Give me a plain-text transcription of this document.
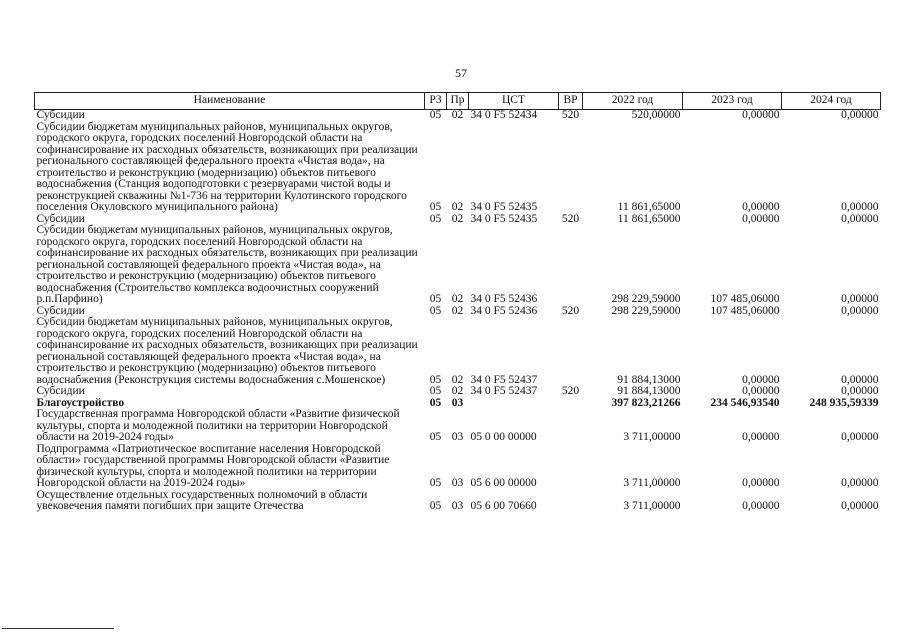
57
Наименование	РЗ	Пр	ЦСТ	ВР	2022 год	2023 год	2024 год
Субсидии	05	02	34 0 F5 52434	520	520,00000	0,00000	0,00000
Субсидии бюджетам муниципальных районов, муниципальных округов, городского округа, городских поселений Новгородской области на софинансирование их расходных обязательств, возникающих при реализации регионального составляющей федерального проекта «Чистая вода», на строительство и реконструкцию (модернизацию) объектов питьевого водоснабжения (Станция водоподготовки с резервуарами чистой воды и реконструкцией скважины №1-736 на территории Кулотинского городского поселения Окуловского муниципального района)	05	02	34 0 F5 52435		11 861,65000	0,00000	0,00000
Субсидии	05	02	34 0 F5 52435	520	11 861,65000	0,00000	0,00000
Субсидии бюджетам муниципальных районов, муниципальных округов, городского округа, городских поселений Новгородской области на софинансирование их расходных обязательств, возникающих при реализации региональной составляющей федерального проекта «Чистая вода», на строительство и реконструкцию (модернизацию) объектов питьевого водоснабжения (Строительство комплекса водоочистных сооружений р.п.Парфино)	05	02	34 0 F5 52436		298 229,59000	107 485,06000	0,00000
Субсидии	05	02	34 0 F5 52436	520	298 229,59000	107 485,06000	0,00000
Субсидии бюджетам муниципальных районов, муниципальных округов, городского округа, городских поселений Новгородской области на софинансирование их расходных обязательств, возникающих при реализации региональной составляющей федерального проекта «Чистая вода», на строительство и реконструкцию (модернизацию) объектов питьевого водоснабжения (Реконструкция системы водоснабжения с.Мошенское)	05	02	34 0 F5 52437		91 884,13000	0,00000	0,00000
Субсидии	05	02	34 0 F5 52437	520	91 884,13000	0,00000	0,00000
Благоустройство	05	03			397 823,21266	234 546,93540	248 935,59339
Государственная программа Новгородской области «Развитие физической культуры, спорта и молодежной политики на территории Новгородской области на 2019-2024 годы»	05	03	05 0 00 00000		3 711,00000	0,00000	0,00000
Подпрограмма «Патриотическое воспитание населения Новгородской области» государственной программы Новгородской области «Развитие физической культуры, спорта и молодежной политики на территории Новгородской области на 2019-2024 годы»	05	03	05 6 00 00000		3 711,00000	0,00000	0,00000
Осуществление отдельных государственных полномочий в области увековечения памяти погибших при защите Отечества	05	03	05 6 00 70660		3 711,00000	0,00000	0,00000
